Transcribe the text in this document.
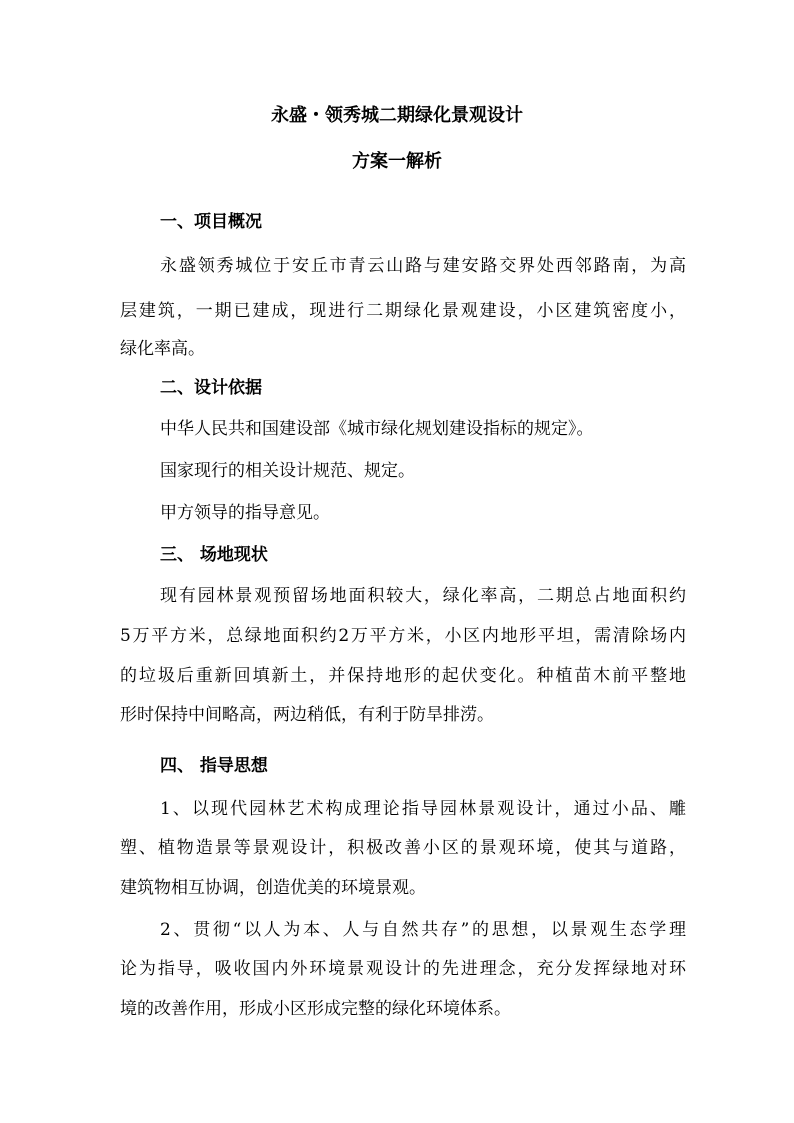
永盛・领秀城二期绿化景观设计
方案一解析
一、项目概况
永盛领秀城位于安丘市青云山路与建安路交界处西邻路南，为高
层建筑，一期已建成，现进行二期绿化景观建设，小区建筑密度小，
绿化率高。
二、设计依据
中华人民共和国建设部《城市绿化规划建设指标的规定》。
国家现行的相关设计规范、规定。
甲方领导的指导意见。
三、 场地现状
现有园林景观预留场地面积较大，绿化率高，二期总占地面积约
5万平方米，总绿地面积约2万平方米，小区内地形平坦，需清除场内
的垃圾后重新回填新土，并保持地形的起伏变化。种植苗木前平整地
形时保持中间略高，两边稍低，有利于防旱排涝。
四、 指导思想
1、以现代园林艺术构成理论指导园林景观设计，通过小品、雕
塑、植物造景等景观设计，积极改善小区的景观环境，使其与道路，
建筑物相互协调，创造优美的环境景观。
2、贯彻“以人为本、人与自然共存”的思想，以景观生态学理
论为指导，吸收国内外环境景观设计的先进理念，充分发挥绿地对环
境的改善作用，形成小区形成完整的绿化环境体系。
